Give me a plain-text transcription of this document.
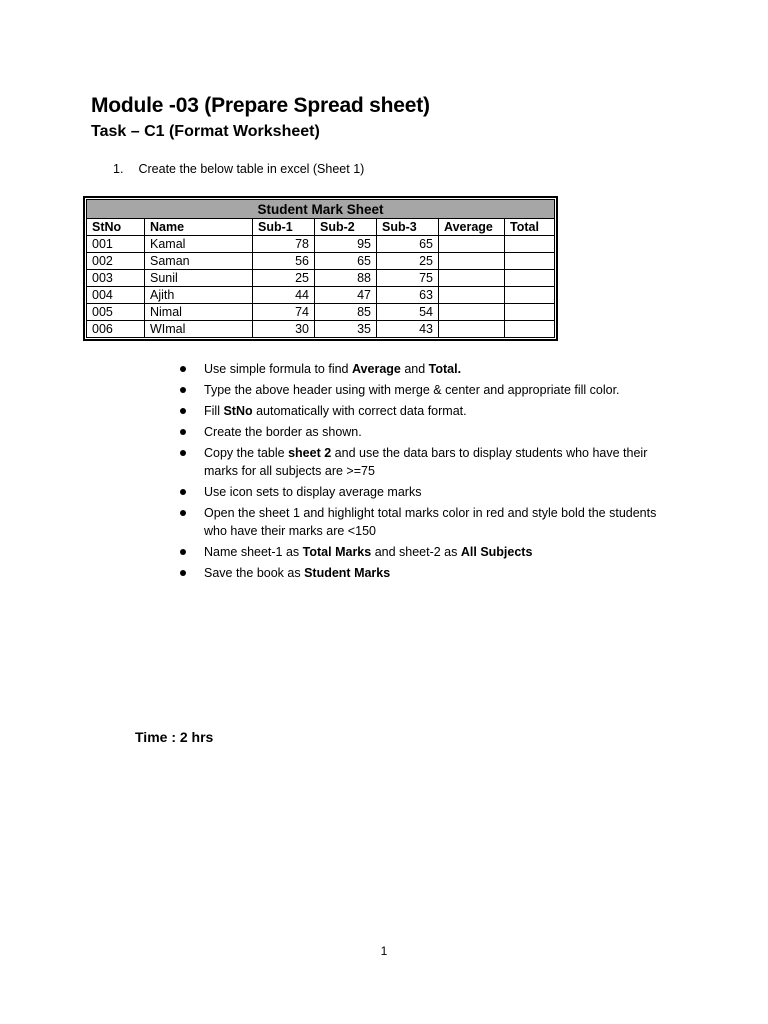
Module -03 (Prepare Spread sheet)
Task – C1 (Format Worksheet)
1. Create the below table in excel (Sheet 1)
Student Mark Sheet						
StNo	Name	Sub-1	Sub-2	Sub-3	Average	Total
001	Kamal	78	95	65		
002	Saman	56	65	25		
003	Sunil	25	88	75		
004	Ajith	44	47	63		
005	Nimal	74	85	54		
006	WImal	30	35	43		
Use simple formula to find Average and Total.
Type the above header using with merge & center and appropriate fill color.
Fill StNo automatically with correct data format.
Create the border as shown.
Copy the table sheet 2 and use the data bars to display students who have their marks for all subjects are >=75
Use icon sets to display average marks
Open the sheet 1 and highlight total marks color in red and style bold the students who have their marks are <150
Name sheet-1 as Total Marks and sheet-2 as All Subjects
Save the book as Student Marks
Time : 2 hrs
1
